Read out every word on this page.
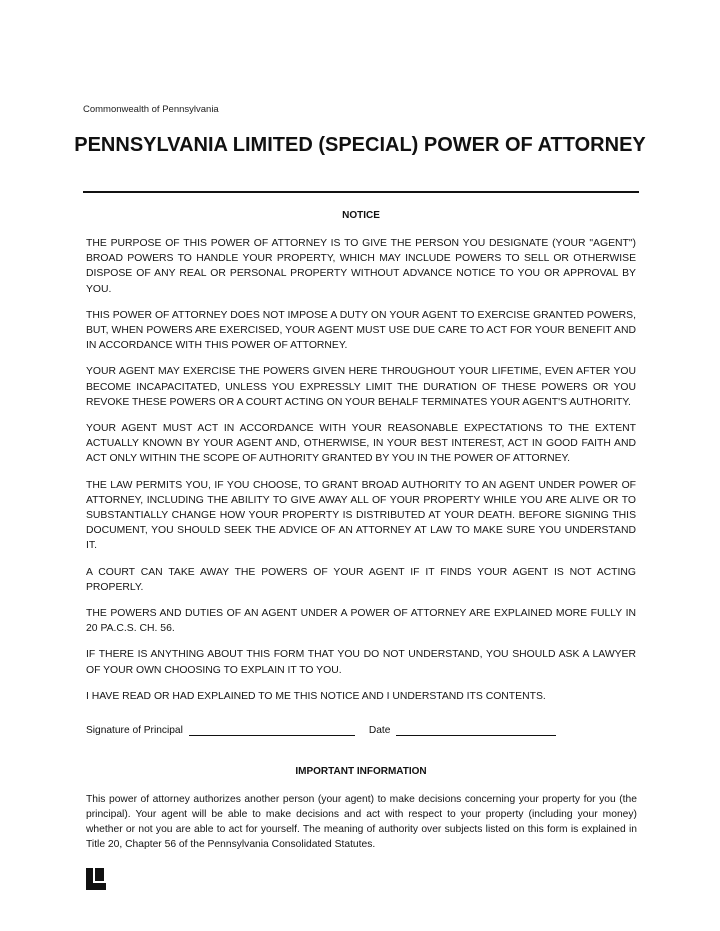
Commonwealth of Pennsylvania
PENNSYLVANIA LIMITED (SPECIAL) POWER OF ATTORNEY
NOTICE

THE PURPOSE OF THIS POWER OF ATTORNEY IS TO GIVE THE PERSON YOU DESIGNATE (YOUR "AGENT") BROAD POWERS TO HANDLE YOUR PROPERTY, WHICH MAY INCLUDE POWERS TO SELL OR OTHERWISE DISPOSE OF ANY REAL OR PERSONAL PROPERTY WITHOUT ADVANCE NOTICE TO YOU OR APPROVAL BY YOU.

THIS POWER OF ATTORNEY DOES NOT IMPOSE A DUTY ON YOUR AGENT TO EXERCISE GRANTED POWERS, BUT, WHEN POWERS ARE EXERCISED, YOUR AGENT MUST USE DUE CARE TO ACT FOR YOUR BENEFIT AND IN ACCORDANCE WITH THIS POWER OF ATTORNEY.

YOUR AGENT MAY EXERCISE THE POWERS GIVEN HERE THROUGHOUT YOUR LIFETIME, EVEN AFTER YOU BECOME INCAPACITATED, UNLESS YOU EXPRESSLY LIMIT THE DURATION OF THESE POWERS OR YOU REVOKE THESE POWERS OR A COURT ACTING ON YOUR BEHALF TERMINATES YOUR AGENT'S AUTHORITY.

YOUR AGENT MUST ACT IN ACCORDANCE WITH YOUR REASONABLE EXPECTATIONS TO THE EXTENT ACTUALLY KNOWN BY YOUR AGENT AND, OTHERWISE, IN YOUR BEST INTEREST, ACT IN GOOD FAITH AND ACT ONLY WITHIN THE SCOPE OF AUTHORITY GRANTED BY YOU IN THE POWER OF ATTORNEY.

THE LAW PERMITS YOU, IF YOU CHOOSE, TO GRANT BROAD AUTHORITY TO AN AGENT UNDER POWER OF ATTORNEY, INCLUDING THE ABILITY TO GIVE AWAY ALL OF YOUR PROPERTY WHILE YOU ARE ALIVE OR TO SUBSTANTIALLY CHANGE HOW YOUR PROPERTY IS DISTRIBUTED AT YOUR DEATH. BEFORE SIGNING THIS DOCUMENT, YOU SHOULD SEEK THE ADVICE OF AN ATTORNEY AT LAW TO MAKE SURE YOU UNDERSTAND IT.

A COURT CAN TAKE AWAY THE POWERS OF YOUR AGENT IF IT FINDS YOUR AGENT IS NOT ACTING PROPERLY.

THE POWERS AND DUTIES OF AN AGENT UNDER A POWER OF ATTORNEY ARE EXPLAINED MORE FULLY IN 20 PA.C.S. CH. 56.

IF THERE IS ANYTHING ABOUT THIS FORM THAT YOU DO NOT UNDERSTAND, YOU SHOULD ASK A LAWYER OF YOUR OWN CHOOSING TO EXPLAIN IT TO YOU.

I HAVE READ OR HAD EXPLAINED TO ME THIS NOTICE AND I UNDERSTAND ITS CONTENTS.

Signature of Principal	Date
IMPORTANT INFORMATION
This power of attorney authorizes another person (your agent) to make decisions concerning your property for you (the principal). Your agent will be able to make decisions and act with respect to your property (including your money) whether or not you are able to act for yourself. The meaning of authority over subjects listed on this form is explained in Title 20, Chapter 56 of the Pennsylvania Consolidated Statutes.
